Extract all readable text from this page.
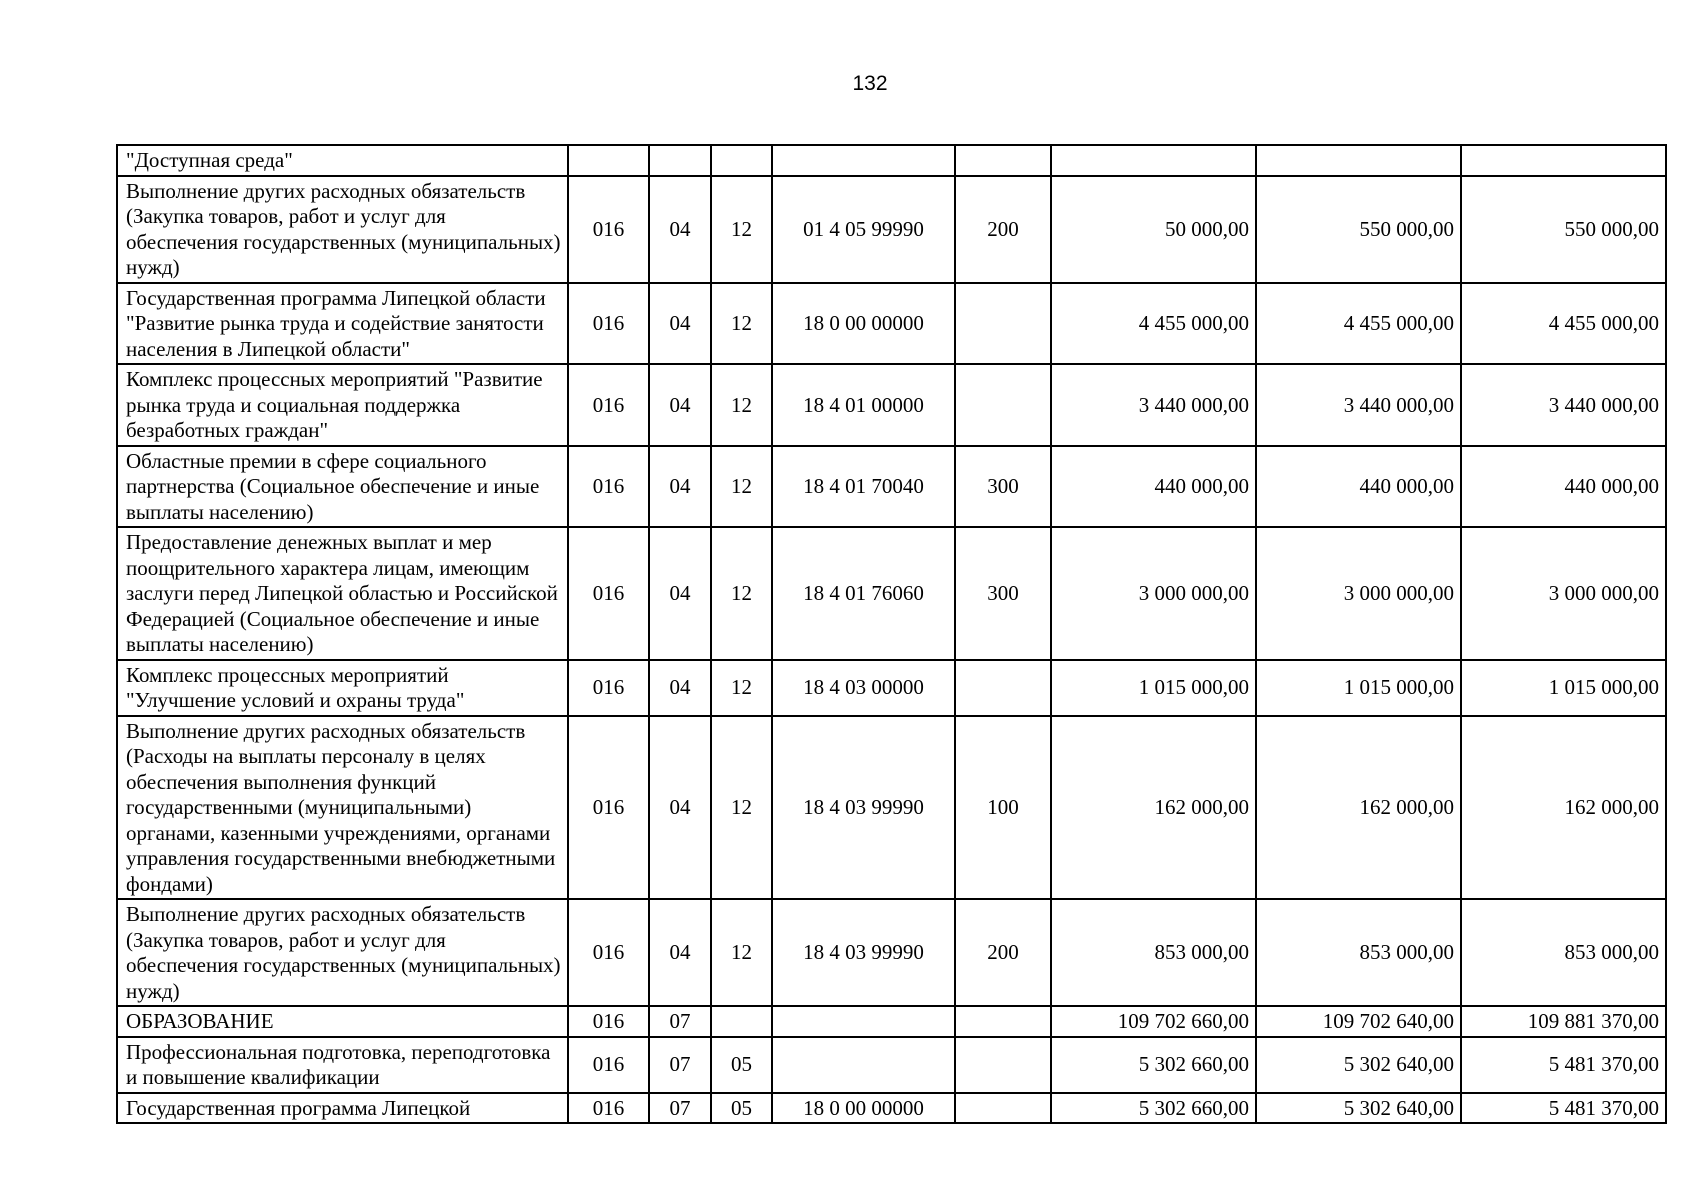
132
"Доступная среда"								
Выполнение других расходных обязательств (Закупка товаров, работ и услуг для обеспечения государственных (муниципальных) нужд)	016	04	12	01 4 05 99990	200	50 000,00	550 000,00	550 000,00
Государственная программа Липецкой области "Развитие рынка труда и содействие занятости населения в Липецкой области"	016	04	12	18 0 00 00000		4 455 000,00	4 455 000,00	4 455 000,00
Комплекс процессных мероприятий "Развитие рынка труда и социальная поддержка безработных граждан"	016	04	12	18 4 01 00000		3 440 000,00	3 440 000,00	3 440 000,00
Областные премии в сфере социального партнерства (Социальное обеспечение и иные выплаты населению)	016	04	12	18 4 01 70040	300	440 000,00	440 000,00	440 000,00
Предоставление денежных выплат и мер поощрительного характера лицам, имеющим заслуги перед Липецкой областью и Российской Федерацией (Социальное обеспечение и иные выплаты населению)	016	04	12	18 4 01 76060	300	3 000 000,00	3 000 000,00	3 000 000,00
Комплекс процессных мероприятий "Улучшение условий и охраны труда"	016	04	12	18 4 03 00000		1 015 000,00	1 015 000,00	1 015 000,00
Выполнение других расходных обязательств (Расходы на выплаты персоналу в целях обеспечения выполнения функций государственными (муниципальными) органами, казенными учреждениями, органами управления государственными внебюджетными фондами)	016	04	12	18 4 03 99990	100	162 000,00	162 000,00	162 000,00
Выполнение других расходных обязательств (Закупка товаров, работ и услуг для обеспечения государственных (муниципальных) нужд)	016	04	12	18 4 03 99990	200	853 000,00	853 000,00	853 000,00
ОБРАЗОВАНИЕ	016	07				109 702 660,00	109 702 640,00	109 881 370,00
Профессиональная подготовка, переподготовка и повышение квалификации	016	07	05			5 302 660,00	5 302 640,00	5 481 370,00
Государственная программа Липецкой	016	07	05	18 0 00 00000		5 302 660,00	5 302 640,00	5 481 370,00
